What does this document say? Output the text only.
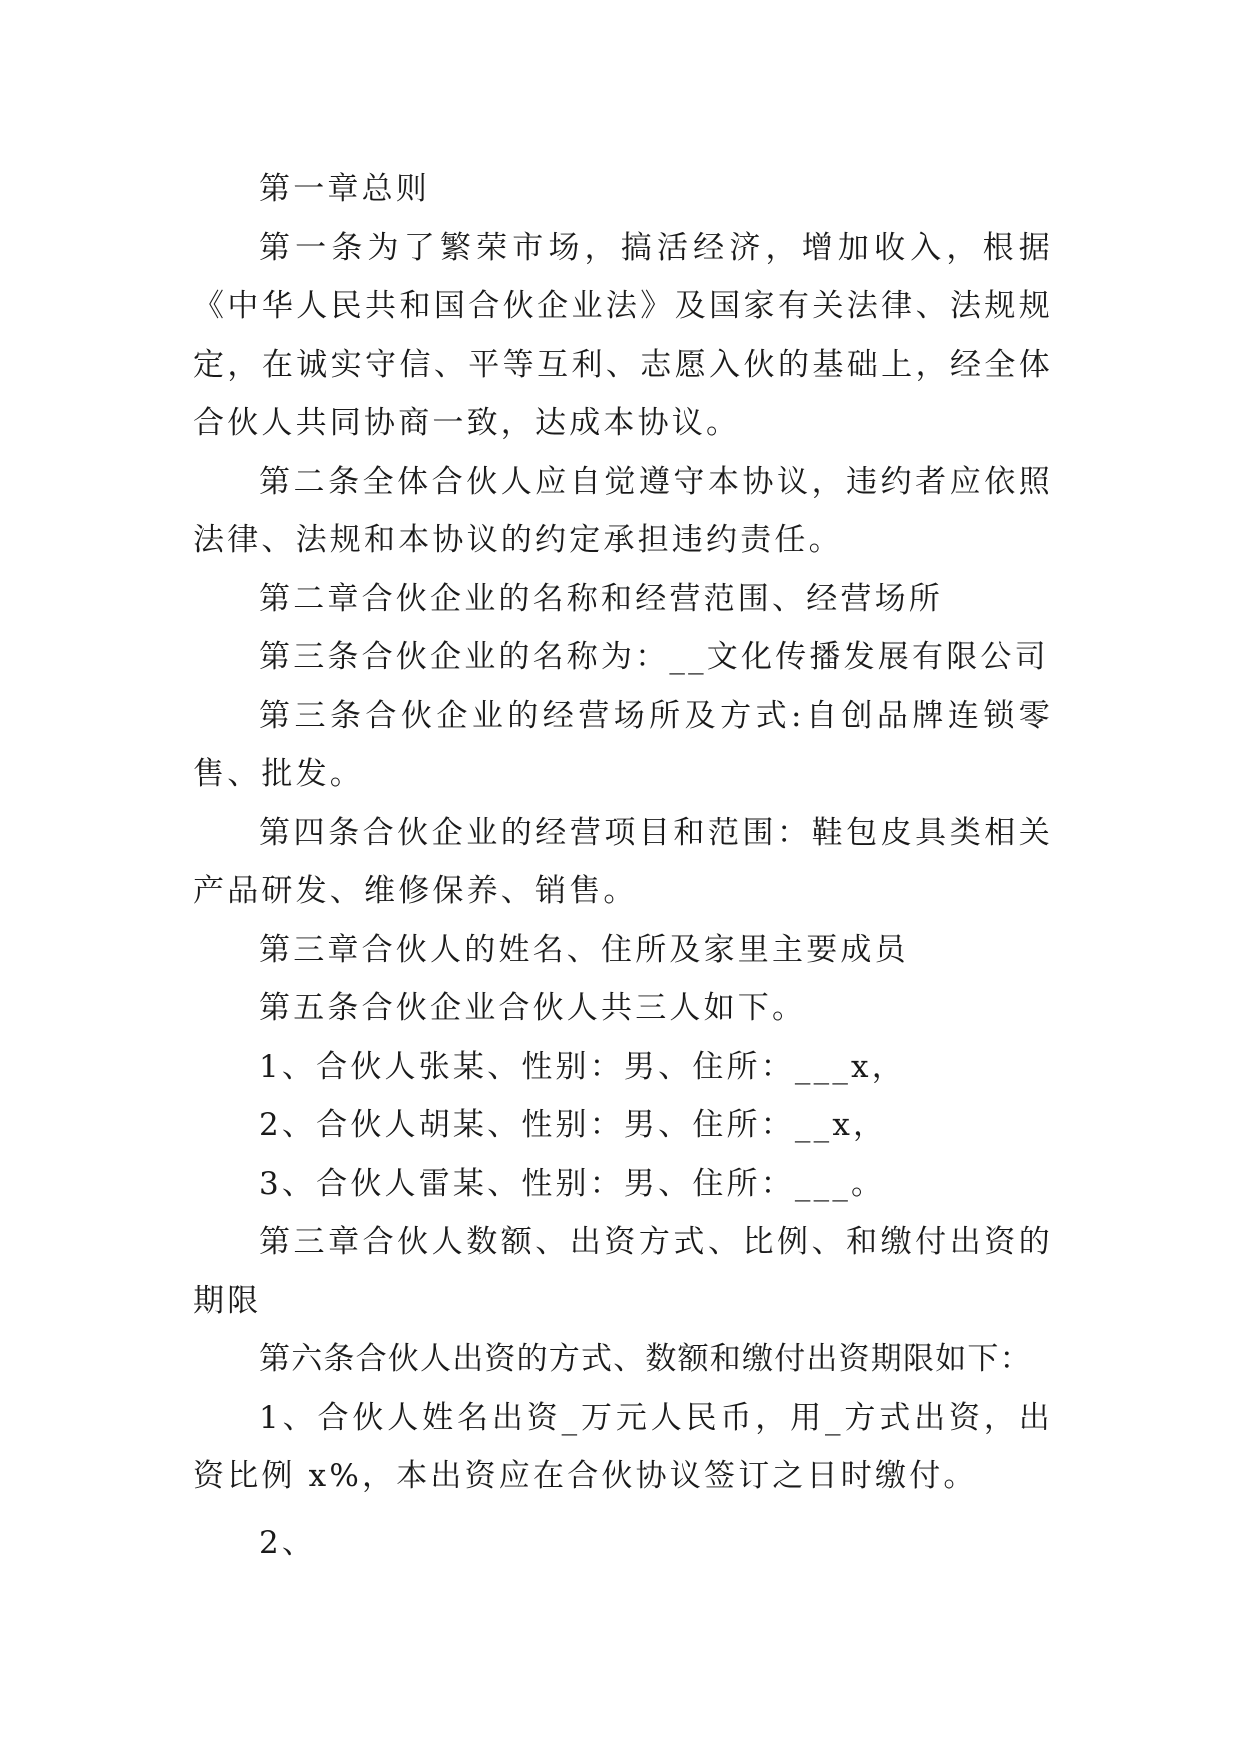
第一章总则

第一条为了繁荣市场，搞活经济，增加收入，根据《中华人民共和国合伙企业法》及国家有关法律、法规规定，在诚实守信、平等互利、志愿入伙的基础上，经全体合伙人共同协商一致，达成本协议。

第二条全体合伙人应自觉遵守本协议，违约者应依照法律、法规和本协议的约定承担违约责任。

第二章合伙企业的名称和经营范围、经营场所

第三条合伙企业的名称为：__文化传播发展有限公司

第三条合伙企业的经营场所及方式:自创品牌连锁零售、批发。

第四条合伙企业的经营项目和范围：鞋包皮具类相关产品研发、维修保养、销售。

第三章合伙人的姓名、住所及家里主要成员

第五条合伙企业合伙人共三人如下。

1、合伙人张某、性别：男、住所：___x，

2、合伙人胡某、性别：男、住所：__x，

3、合伙人雷某、性别：男、住所：___。

第三章合伙人数额、出资方式、比例、和缴付出资的期限

第六条合伙人出资的方式、数额和缴付出资期限如下：

1、合伙人姓名出资_万元人民币，用_方式出资，出资比例 x%，本出资应在合伙协议签订之日时缴付。

2、
